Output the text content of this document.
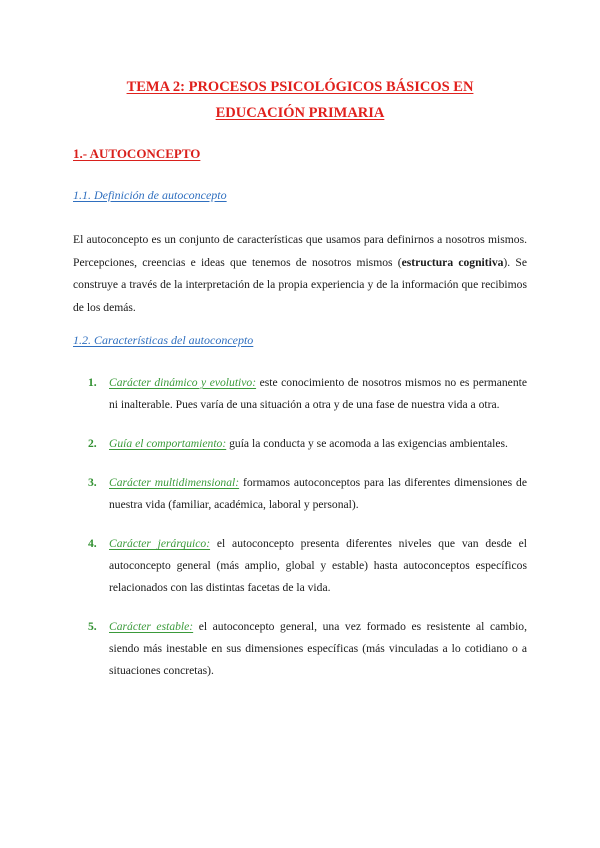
TEMA 2: PROCESOS PSICOLÓGICOS BÁSICOS EN
EDUCACIÓN PRIMARIA
1.- AUTOCONCEPTO
1.1. Definición de autoconcepto
El autoconcepto es un conjunto de características que usamos para definirnos a nosotros mismos. Percepciones, creencias e ideas que tenemos de nosotros mismos (estructura cognitiva). Se construye a través de la interpretación de la propia experiencia y de la información que recibimos de los demás.
1.2. Características del autoconcepto
1. Carácter dinámico y evolutivo: este conocimiento de nosotros mismos no es permanente ni inalterable. Pues varía de una situación a otra y de una fase de nuestra vida a otra.
2. Guía el comportamiento: guía la conducta y se acomoda a las exigencias ambientales.
3. Carácter multidimensional: formamos autoconceptos para las diferentes dimensiones de nuestra vida (familiar, académica, laboral y personal).
4. Carácter jerárquico: el autoconcepto presenta diferentes niveles que van desde el autoconcepto general (más amplio, global y estable) hasta autoconceptos específicos relacionados con las distintas facetas de la vida.
5. Carácter estable: el autoconcepto general, una vez formado es resistente al cambio, siendo más inestable en sus dimensiones específicas (más vinculadas a lo cotidiano o a situaciones concretas).
